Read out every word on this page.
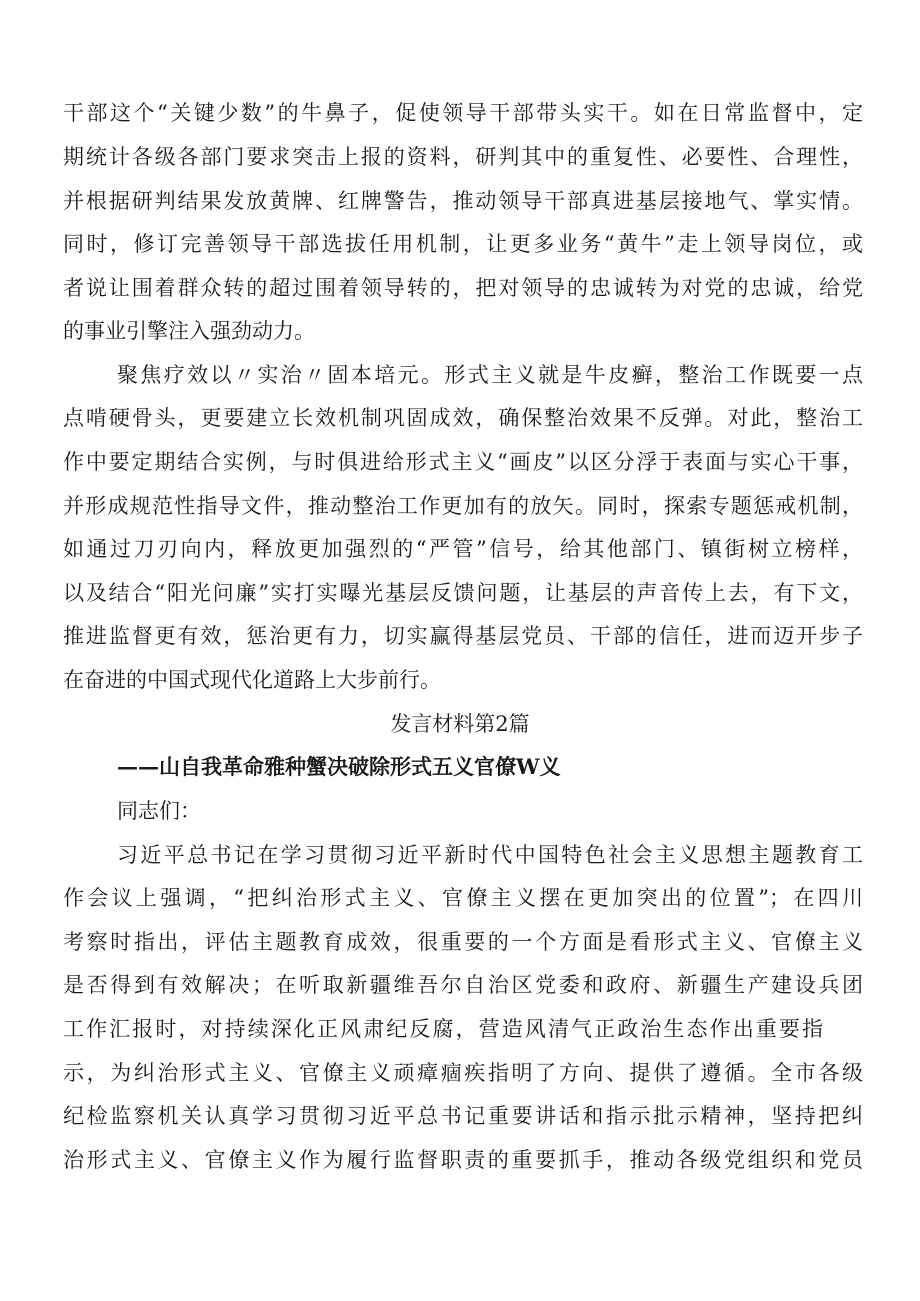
干部这个“关键少数”的牛鼻子，促使领导干部带头实干。如在日常监督中，定
期统计各级各部门要求突击上报的资料，研判其中的重复性、必要性、合理性，
并根据研判结果发放黄牌、红牌警告，推动领导干部真进基层接地气、掌实情。
同时，修订完善领导干部选拔任用机制，让更多业务“黄牛”走上领导岗位，或
者说让围着群众转的超过围着领导转的，把对领导的忠诚转为对党的忠诚，给党
的事业引擎注入强劲动力。
聚焦疗效以〃实治〃固本培元。形式主义就是牛皮癣，整治工作既要一点
点啃硬骨头，更要建立长效机制巩固成效，确保整治效果不反弹。对此，整治工
作中要定期结合实例，与时俱进给形式主义“画皮”以区分浮于表面与实心干事，
并形成规范性指导文件，推动整治工作更加有的放矢。同时，探索专题惩戒机制，
如通过刀刃向内，释放更加强烈的“严管”信号，给其他部门、镇街树立榜样，
以及结合“阳光问廉”实打实曝光基层反馈问题，让基层的声音传上去，有下文，
推进监督更有效，惩治更有力，切实赢得基层党员、干部的信任，进而迈开步子
在奋进的中国式现代化道路上大步前行。
发言材料第2篇
——山自我革命雅种蟹决破除形式五义官僚W义
同志们：
习近平总书记在学习贯彻习近平新时代中国特色社会主义思想主题教育工
作会议上强调，“把纠治形式主义、官僚主义摆在更加突出的位置”；在四川
考察时指出，评估主题教育成效，很重要的一个方面是看形式主义、官僚主义
是否得到有效解决；在听取新疆维吾尔自治区党委和政府、新疆生产建设兵团
工作汇报时，对持续深化正风肃纪反腐，营造风清气正政治生态作出重要指
示，为纠治形式主义、官僚主义顽瘴痼疾指明了方向、提供了遵循。全市各级
纪检监察机关认真学习贯彻习近平总书记重要讲话和指示批示精神，坚持把纠
治形式主义、官僚主义作为履行监督职责的重要抓手，推动各级党组织和党员
